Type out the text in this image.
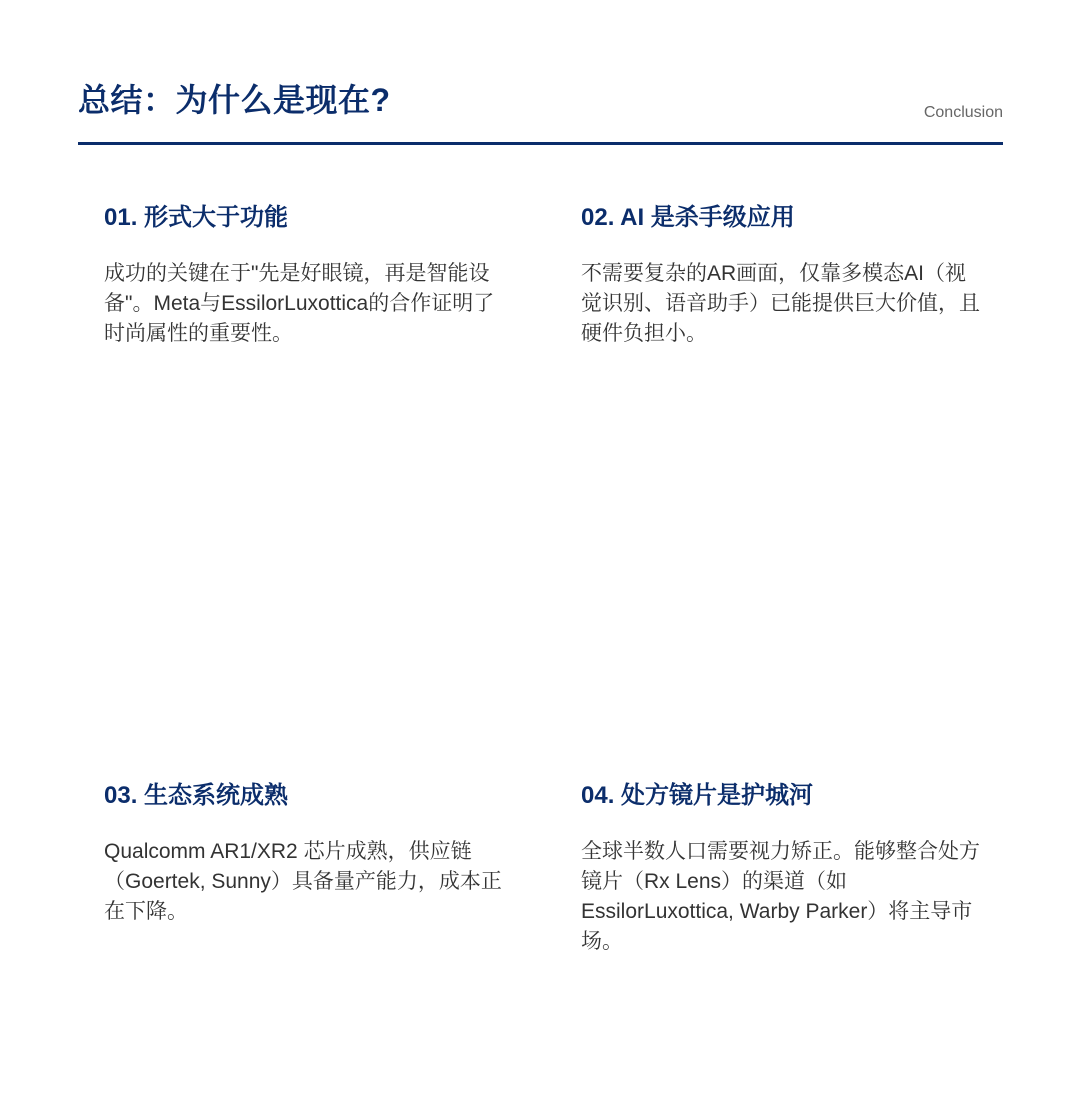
总结：为什么是现在?	Conclusion

01. 形式大于功能

成功的关键在于"先是好眼镜，再是智能设备"。Meta与EssilorLuxottica的合作证明了时尚属性的重要性。

02. AI 是杀手级应用

不需要复杂的AR画面，仅靠多模态AI（视觉识别、语音助手）已能提供巨大价值，且硬件负担小。

03. 生态系统成熟

Qualcomm AR1/XR2 芯片成熟，供应链（Goertek, Sunny）具备量产能力，成本正在下降。

04. 处方镜片是护城河

全球半数人口需要视力矫正。能够整合处方镜片（Rx Lens）的渠道（如EssilorLuxottica, Warby Parker）将主导市场。
